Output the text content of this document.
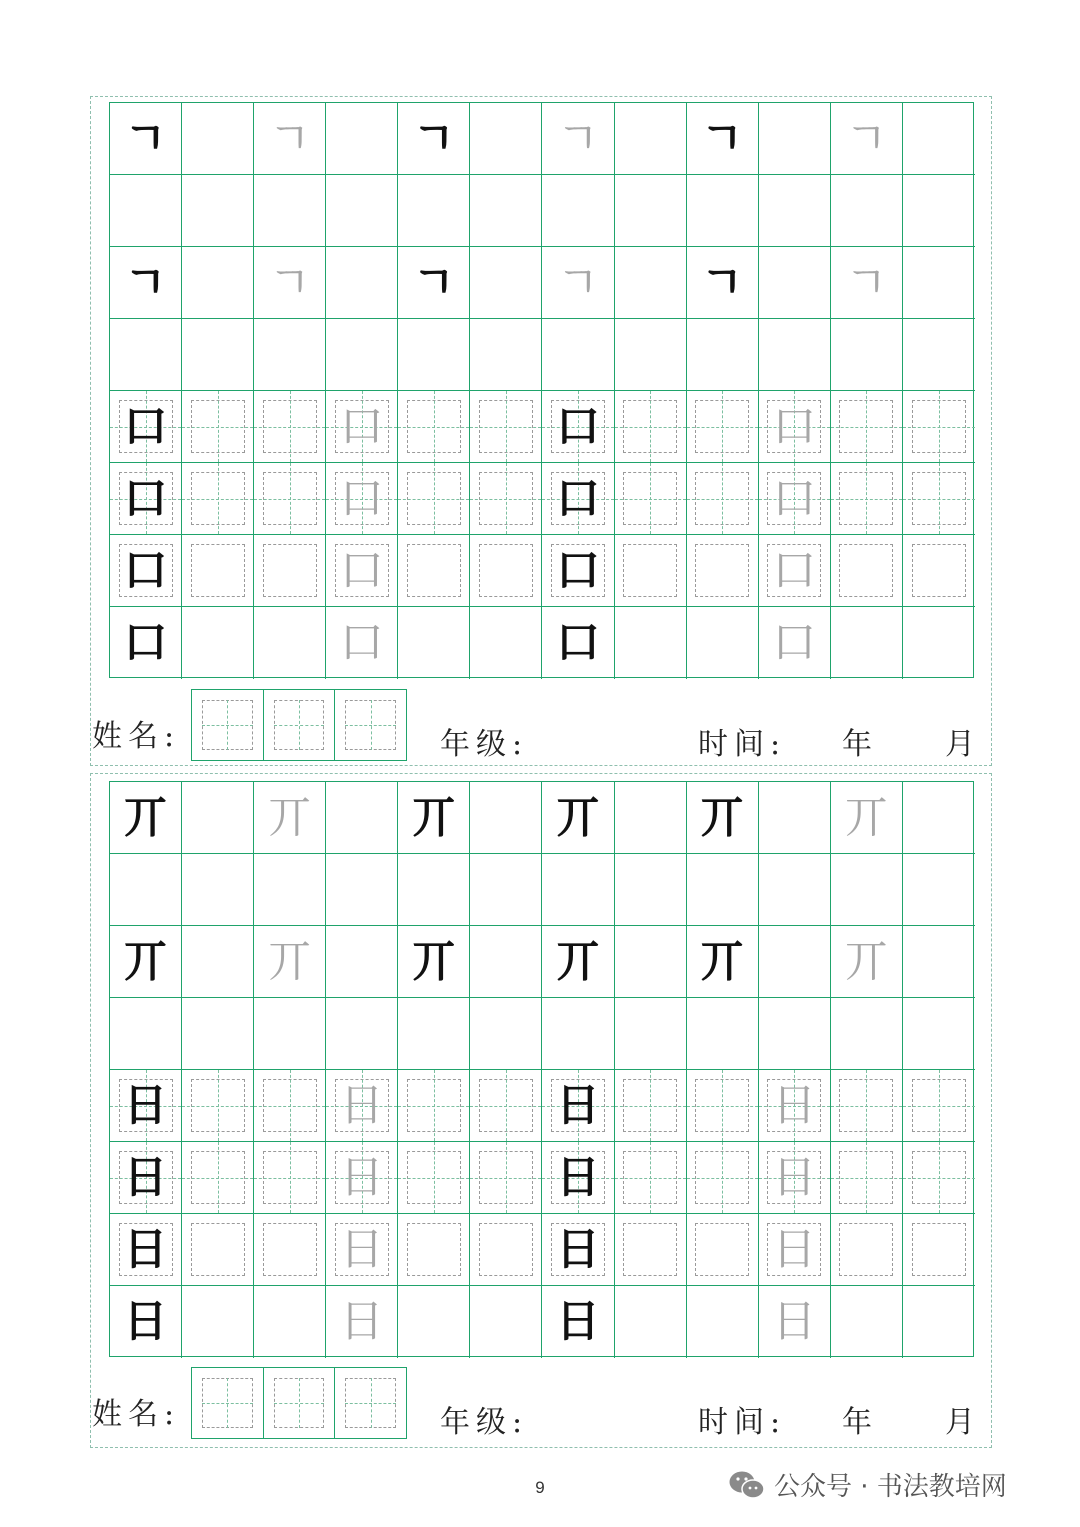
ㄱ	ㄱ	ㄱ	ㄱ	ㄱ	ㄱ
ㄱ	ㄱ	ㄱ	ㄱ	ㄱ	ㄱ
口	口	口	口
口	口	口	口
口	口	口	口
口	口	口	口
丌	丌	丌	丌	丌	丌
丌	丌	丌	丌	丌	丌
日	日	日	日
日	日	日	日
日	日	日	日
日	日	日	日
姓名:	年级:	时间: 年 月
姓名:	年级:	时间: 年 月
9	公众号 · 书法教培网
